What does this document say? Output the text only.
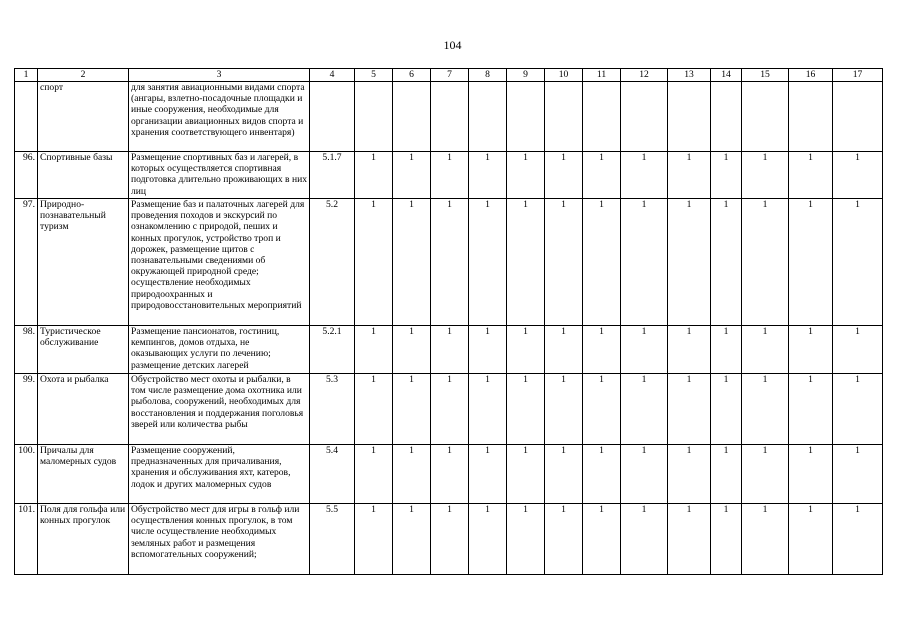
104
1	2	3	4	5	6	7	8	9	10	11	12	13	14	15	16	17
	спорт	для занятия авиационными видами спорта (ангары, взлетно-посадочные площадки и иные сооружения, необходимые для организации авиационных видов спорта и хранения соответствующего инвентаря)														
96.	Спортивные базы	Размещение спортивных баз и лагерей, в которых осуществляется спортивная подготовка длительно проживающих в них лиц	5.1.7	1	1	1	1	1	1	1	1	1	1	1	1	1
97.	Природно-познавательный туризм	Размещение баз и палаточных лагерей для проведения походов и экскурсий по ознакомлению с природой, пеших и конных прогулок, устройство троп и дорожек, размещение щитов с познавательными сведениями об окружающей природной среде; осуществление необходимых природоохранных и природовосстановительных мероприятий	5.2	1	1	1	1	1	1	1	1	1	1	1	1	1
98.	Туристическое обслуживание	Размещение пансионатов, гостиниц, кемпингов, домов отдыха, не оказывающих услуги по лечению; размещение детских лагерей	5.2.1	1	1	1	1	1	1	1	1	1	1	1	1	1
99.	Охота и рыбалка	Обустройство мест охоты и рыбалки, в том числе размещение дома охотника или рыболова, сооружений, необходимых для восстановления и поддержания поголовья зверей или количества рыбы	5.3	1	1	1	1	1	1	1	1	1	1	1	1	1
100.	Причалы для маломерных судов	Размещение сооружений, предназначенных для причаливания, хранения и обслуживания яхт, катеров, лодок и других маломерных судов	5.4	1	1	1	1	1	1	1	1	1	1	1	1	1
101.	Поля для гольфа или конных прогулок	Обустройство мест для игры в гольф или осуществления конных прогулок, в том числе осуществление необходимых земляных работ и размещения вспомогательных сооружений;	5.5	1	1	1	1	1	1	1	1	1	1	1	1	1
